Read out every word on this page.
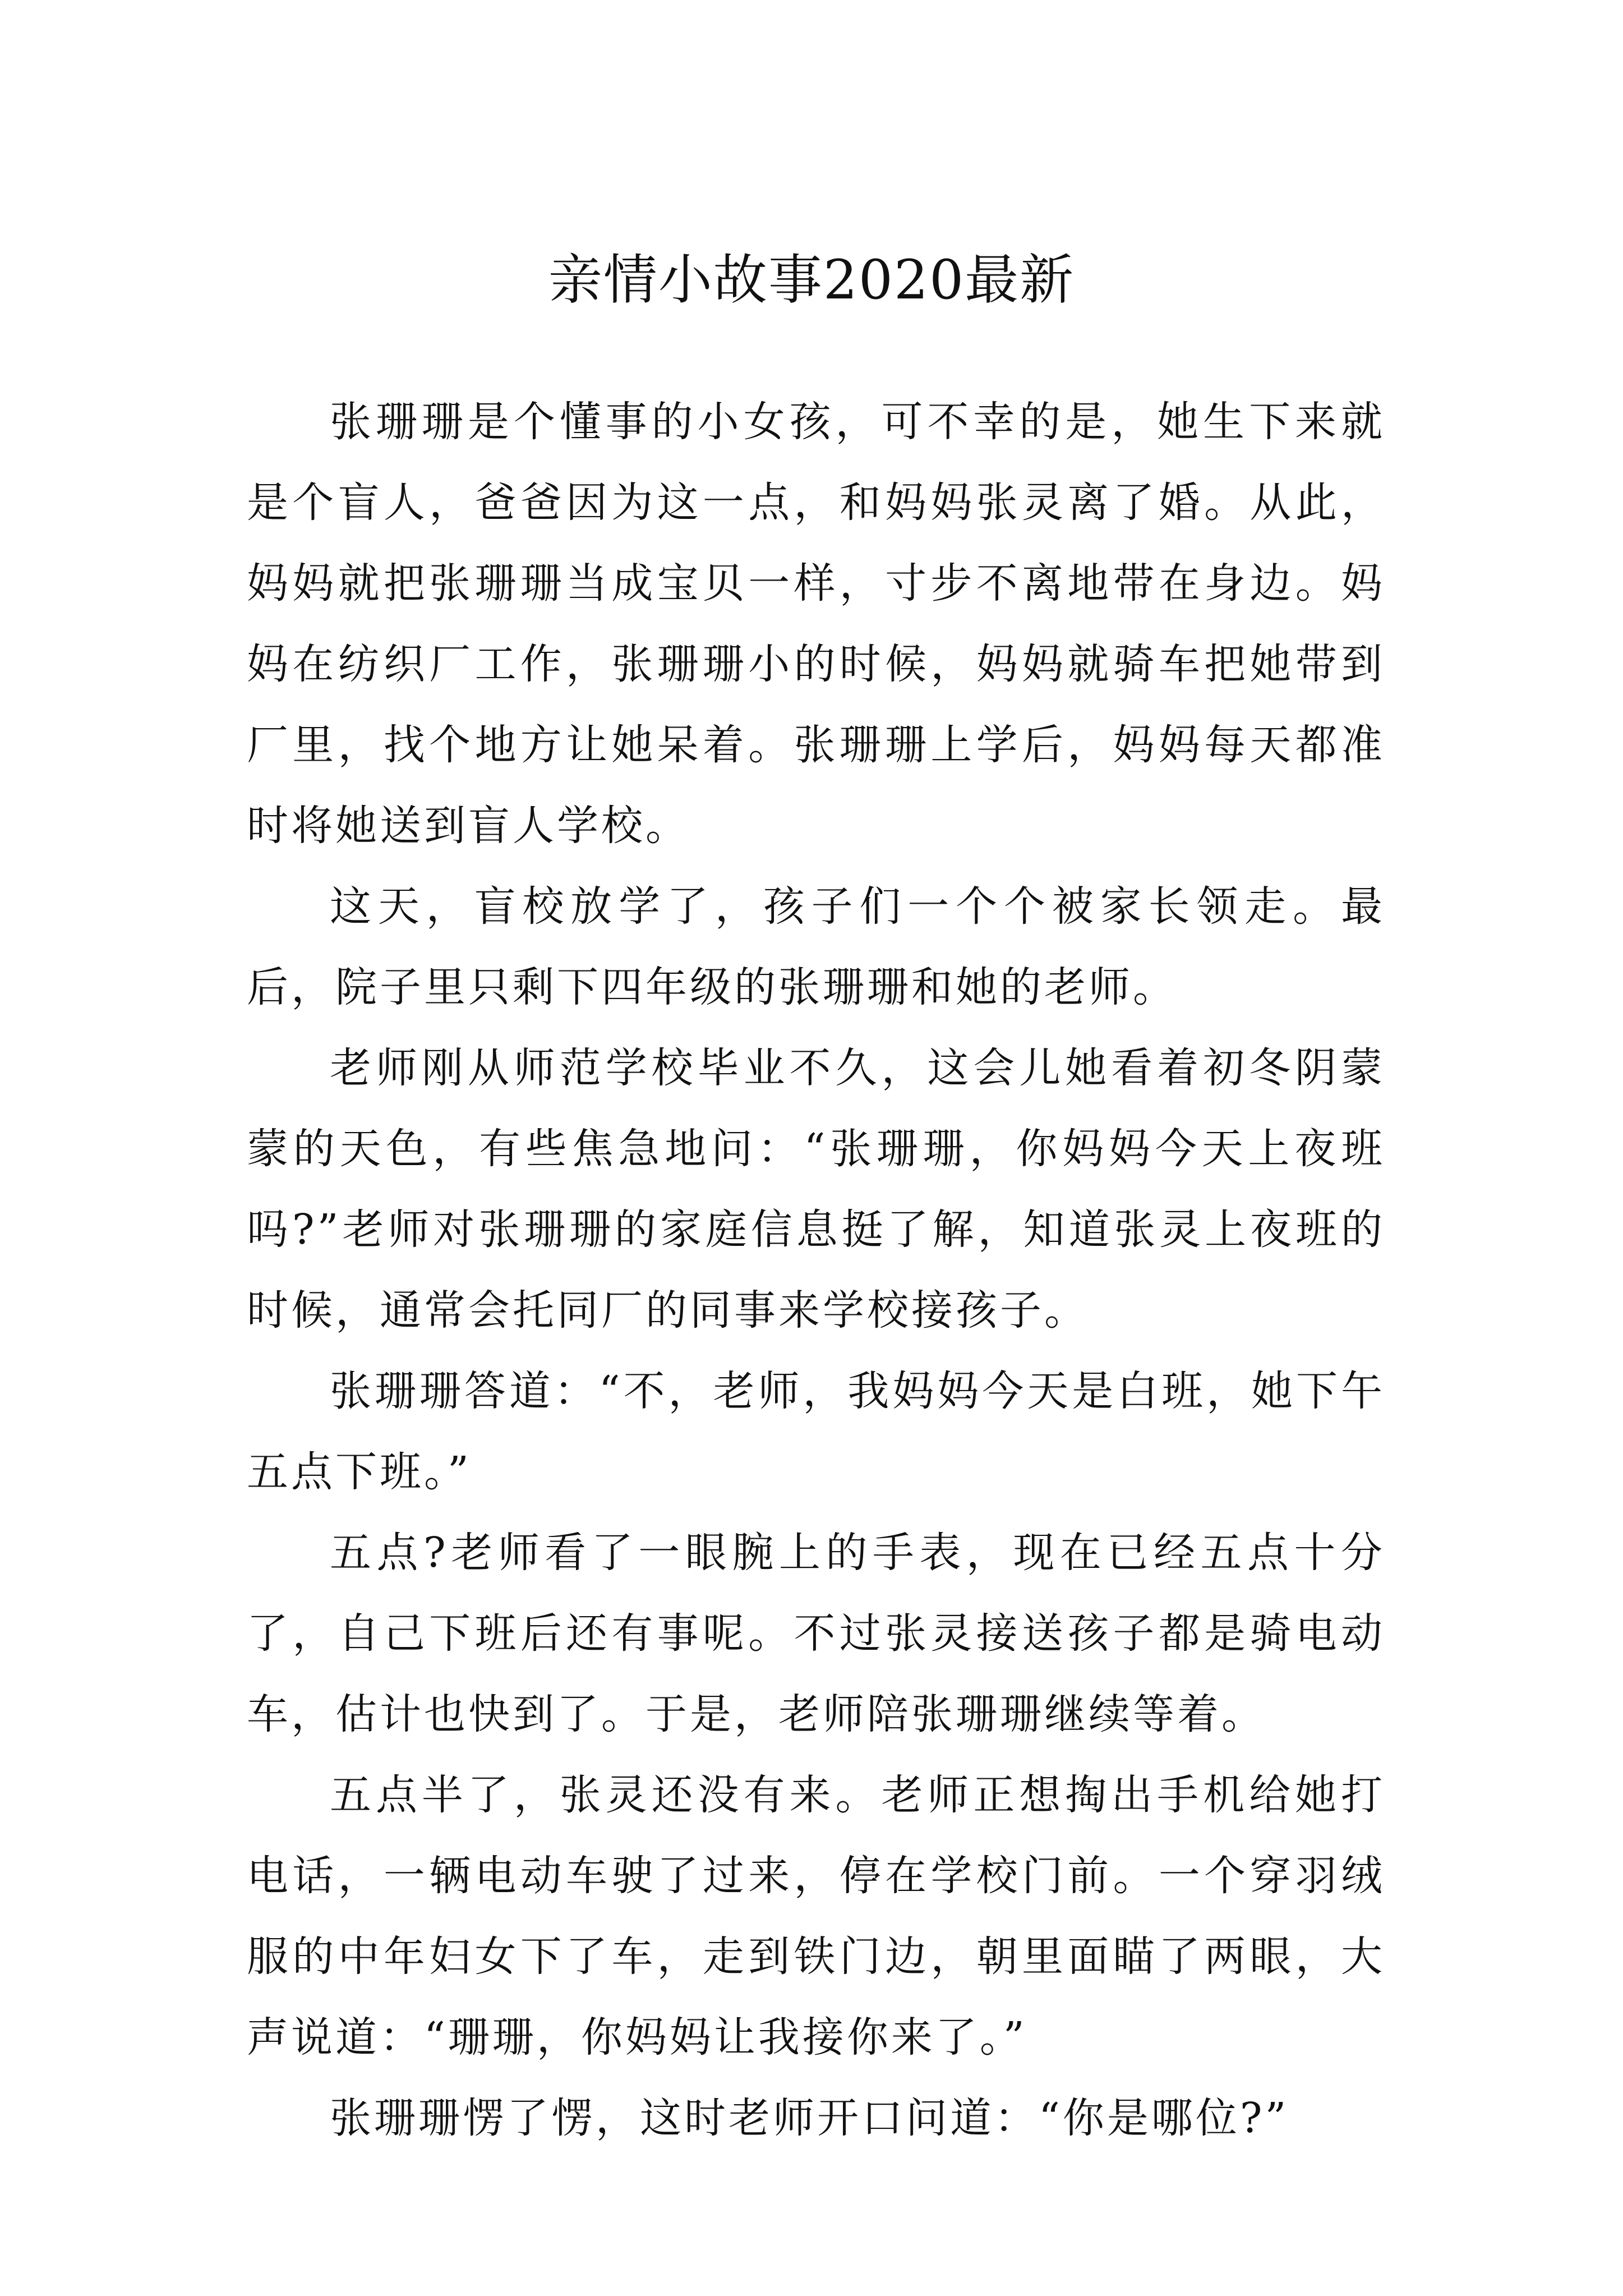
亲情小故事2020最新

张珊珊是个懂事的小女孩，可不幸的是，她生下来就是个盲人，爸爸因为这一点，和妈妈张灵离了婚。从此，妈妈就把张珊珊当成宝贝一样，寸步不离地带在身边。妈妈在纺织厂工作，张珊珊小的时候，妈妈就骑车把她带到厂里，找个地方让她呆着。张珊珊上学后，妈妈每天都准时将她送到盲人学校。

这天，盲校放学了，孩子们一个个被家长领走。最后，院子里只剩下四年级的张珊珊和她的老师。

老师刚从师范学校毕业不久，这会儿她看着初冬阴蒙蒙的天色，有些焦急地问：“张珊珊，你妈妈今天上夜班吗?”老师对张珊珊的家庭信息挺了解，知道张灵上夜班的时候，通常会托同厂的同事来学校接孩子。

张珊珊答道：“不，老师，我妈妈今天是白班，她下午五点下班。”

五点?老师看了一眼腕上的手表，现在已经五点十分了，自己下班后还有事呢。不过张灵接送孩子都是骑电动车，估计也快到了。于是，老师陪张珊珊继续等着。

五点半了，张灵还没有来。老师正想掏出手机给她打电话，一辆电动车驶了过来，停在学校门前。一个穿羽绒服的中年妇女下了车，走到铁门边，朝里面瞄了两眼，大声说道：“珊珊，你妈妈让我接你来了。”

张珊珊愣了愣，这时老师开口问道：“你是哪位?”
